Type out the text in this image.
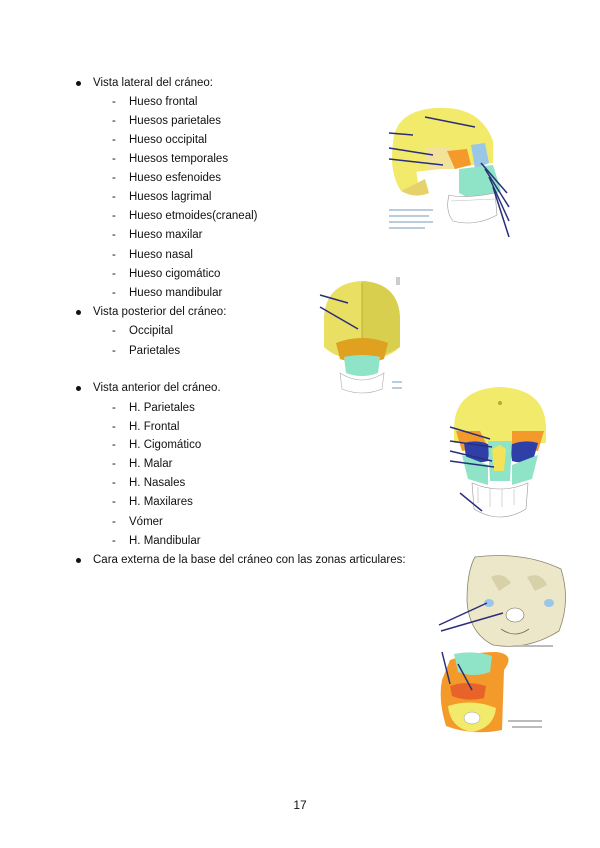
Vista lateral del cráneo:
- Hueso frontal
- Huesos parietales
- Hueso occipital
- Huesos temporales
- Hueso esfenoides
- Huesos lagrimal
- Hueso etmoides(craneal)
- Hueso maxilar
- Hueso nasal
- Hueso cigomático
- Hueso mandibular
Vista posterior del cráneo:
- Occipital
- Parietales
Vista anterior del cráneo.
- H. Parietales
- H. Frontal
- H. Cigomático
- H. Malar
- H. Nasales
- H. Maxilares
- Vómer
- H. Mandibular
Cara externa de la base del cráneo con las zonas articulares:
17
